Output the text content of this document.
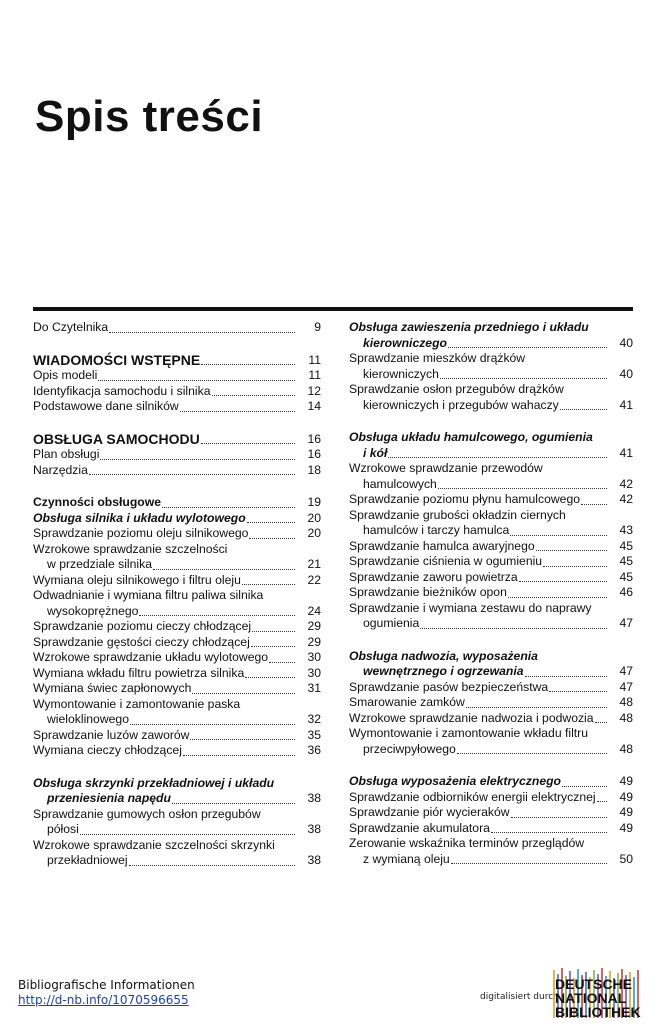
Spis treści
Do Czytelnika	9
WIADOMOŚCI WSTĘPNE	11
Opis modeli	11
Identyfikacja samochodu i silnika	12
Podstawowe dane silników	14
OBSŁUGA SAMOCHODU	16
Plan obsługi	16
Narzędzia	18
Czynności obsługowe	19
Obsługa silnika i układu wylotowego	20
Sprawdzanie poziomu oleju silnikowego	20
Wzrokowe sprawdzanie szczelności
w przedziale silnika	21
Wymiana oleju silnikowego i filtru oleju	22
Odwadnianie i wymiana filtru paliwa silnika
wysokoprężnego	24
Sprawdzanie poziomu cieczy chłodzącej	29
Sprawdzanie gęstości cieczy chłodzącej	29
Wzrokowe sprawdzanie układu wylotowego	30
Wymiana wkładu filtru powietrza silnika	30
Wymiana świec zapłonowych	31
Wymontowanie i zamontowanie paska
wieloklinowego	32
Sprawdzanie luzów zaworów	35
Wymiana cieczy chłodzącej	36
Obsługa skrzynki przekładniowej i układu
przeniesienia napędu	38
Sprawdzanie gumowych osłon przegubów
półosi	38
Wzrokowe sprawdzanie szczelności skrzynki
przekładniowej	38
Obsługa zawieszenia przedniego i układu
kierowniczego	40
Sprawdzanie mieszków drążków
kierowniczych	40
Sprawdzanie osłon przegubów drążków
kierowniczych i przegubów wahaczy	41
Obsługa układu hamulcowego, ogumienia
i kół	41
Wzrokowe sprawdzanie przewodów
hamulcowych	42
Sprawdzanie poziomu płynu hamulcowego	42
Sprawdzanie grubości okładzin ciernych
hamulców i tarczy hamulca	43
Sprawdzanie hamulca awaryjnego	45
Sprawdzanie ciśnienia w ogumieniu	45
Sprawdzanie zaworu powietrza	45
Sprawdzanie bieżników opon	46
Sprawdzanie i wymiana zestawu do naprawy
ogumienia	47
Obsługa nadwozia, wyposażenia
wewnętrznego i ogrzewania	47
Sprawdzanie pasów bezpieczeństwa	47
Smarowanie zamków	48
Wzrokowe sprawdzanie nadwozia i podwozia	48
Wymontowanie i zamontowanie wkładu filtru
przeciwpyłowego	48
Obsługa wyposażenia elektrycznego	49
Sprawdzanie odbiorników energii elektrycznej	49
Sprawdzanie piór wycieraków	49
Sprawdzanie akumulatora	49
Zerowanie wskaźnika terminów przeglądów
z wymianą oleju	50
Bibliografische Informationen
http://d-nb.info/1070596655	digitalisiert durch
DEUTSCHE
NATIONAL
BIBLIOTHEK
